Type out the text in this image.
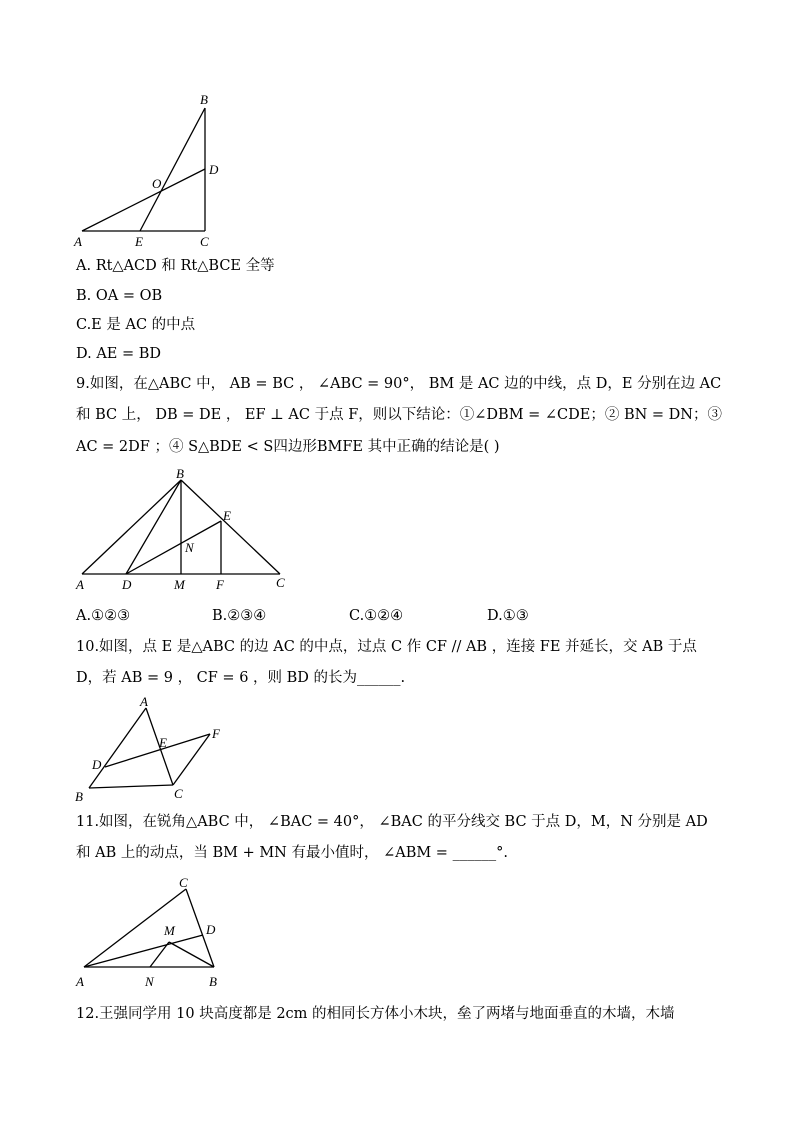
B
D
O
A	E	C
A. Rt△ACD 和 Rt△BCE 全等
B. OA = OB
C.E 是 AC 的中点
D. AE = BD
9.如图，在△ABC 中， AB = BC ， ∠ABC = 90°， BM 是 AC 边的中线，点 D，E 分别在边 AC
和 BC 上， DB = DE ， EF ⊥ AC 于点 F，则以下结论：①∠DBM = ∠CDE；② BN = DN；③
AC = 2DF ；④ S△BDE < S四边形BMFE 其中正确的结论是( )
B
E
N
A	D	M F	C
A.①②③	B.②③④	C.①②④	D.①③
10.如图，点 E 是△ABC 的边 AC 的中点，过点 C 作 CF // AB ，连接 FE 并延长，交 AB 于点
D，若 AB = 9 ， CF = 6 ，则 BD 的长为______.
A
E
F
D
B	C
11.如图，在锐角△ABC 中， ∠BAC = 40°， ∠BAC 的平分线交 BC 于点 D，M，N 分别是 AD
和 AB 上的动点，当 BM + MN 有最小值时， ∠ABM = ______°.
C
M D
A	N	B
12.王强同学用 10 块高度都是 2cm 的相同长方体小木块，垒了两堵与地面垂直的木墙，木墙
